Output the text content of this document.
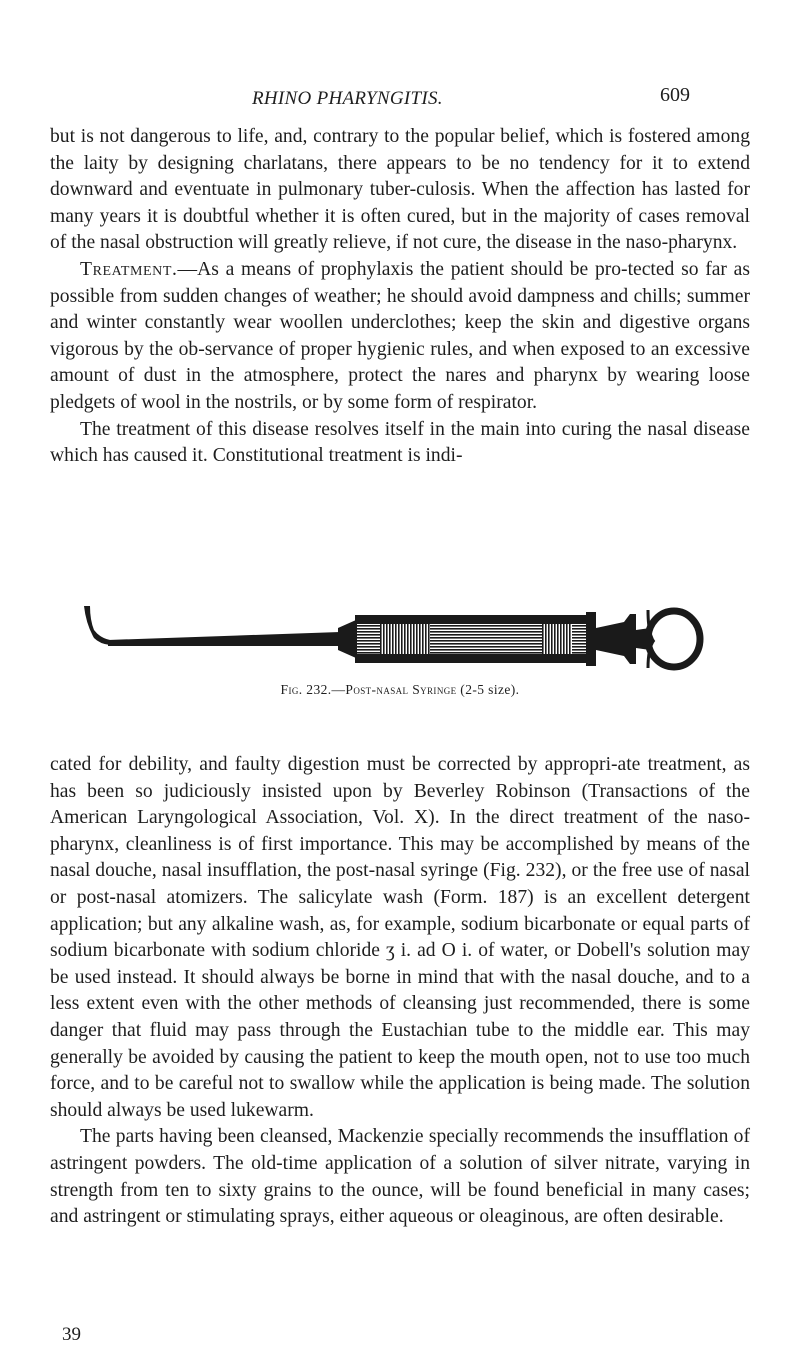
RHINO PHARYNGITIS.	609

but is not dangerous to life, and, contrary to the popular belief, which is fostered among the laity by designing charlatans, there appears to be no tendency for it to extend downward and eventuate in pulmonary tuber-culosis. When the affection has lasted for many years it is doubtful whether it is often cured, but in the majority of cases removal of the nasal obstruction will greatly relieve, if not cure, the disease in the naso-pharynx.

Treatment.—As a means of prophylaxis the patient should be pro-tected so far as possible from sudden changes of weather; he should avoid dampness and chills; summer and winter constantly wear woollen underclothes; keep the skin and digestive organs vigorous by the ob-servance of proper hygienic rules, and when exposed to an excessive amount of dust in the atmosphere, protect the nares and pharynx by wearing loose pledgets of wool in the nostrils, or by some form of respirator.

The treatment of this disease resolves itself in the main into curing the nasal disease which has caused it. Constitutional treatment is indi-

Fig. 232.—Post-nasal Syringe (2-5 size).

cated for debility, and faulty digestion must be corrected by appropri-ate treatment, as has been so judiciously insisted upon by Beverley Robinson (Transactions of the American Laryngological Association, Vol. X). In the direct treatment of the naso-pharynx, cleanliness is of first importance. This may be accomplished by means of the nasal douche, nasal insufflation, the post-nasal syringe (Fig. 232), or the free use of nasal or post-nasal atomizers. The salicylate wash (Form. 187) is an excellent detergent application; but any alkaline wash, as, for example, sodium bicarbonate or equal parts of sodium bicarbonate with sodium chloride ʒ i. ad O i. of water, or Dobell's solution may be used instead. It should always be borne in mind that with the nasal douche, and to a less extent even with the other methods of cleansing just recommended, there is some danger that fluid may pass through the Eustachian tube to the middle ear. This may generally be avoided by causing the patient to keep the mouth open, not to use too much force, and to be careful not to swallow while the application is being made. The solution should always be used lukewarm.

The parts having been cleansed, Mackenzie specially recommends the insufflation of astringent powders. The old-time application of a solution of silver nitrate, varying in strength from ten to sixty grains to the ounce, will be found beneficial in many cases; and astringent or stimulating sprays, either aqueous or oleaginous, are often desirable.

39
